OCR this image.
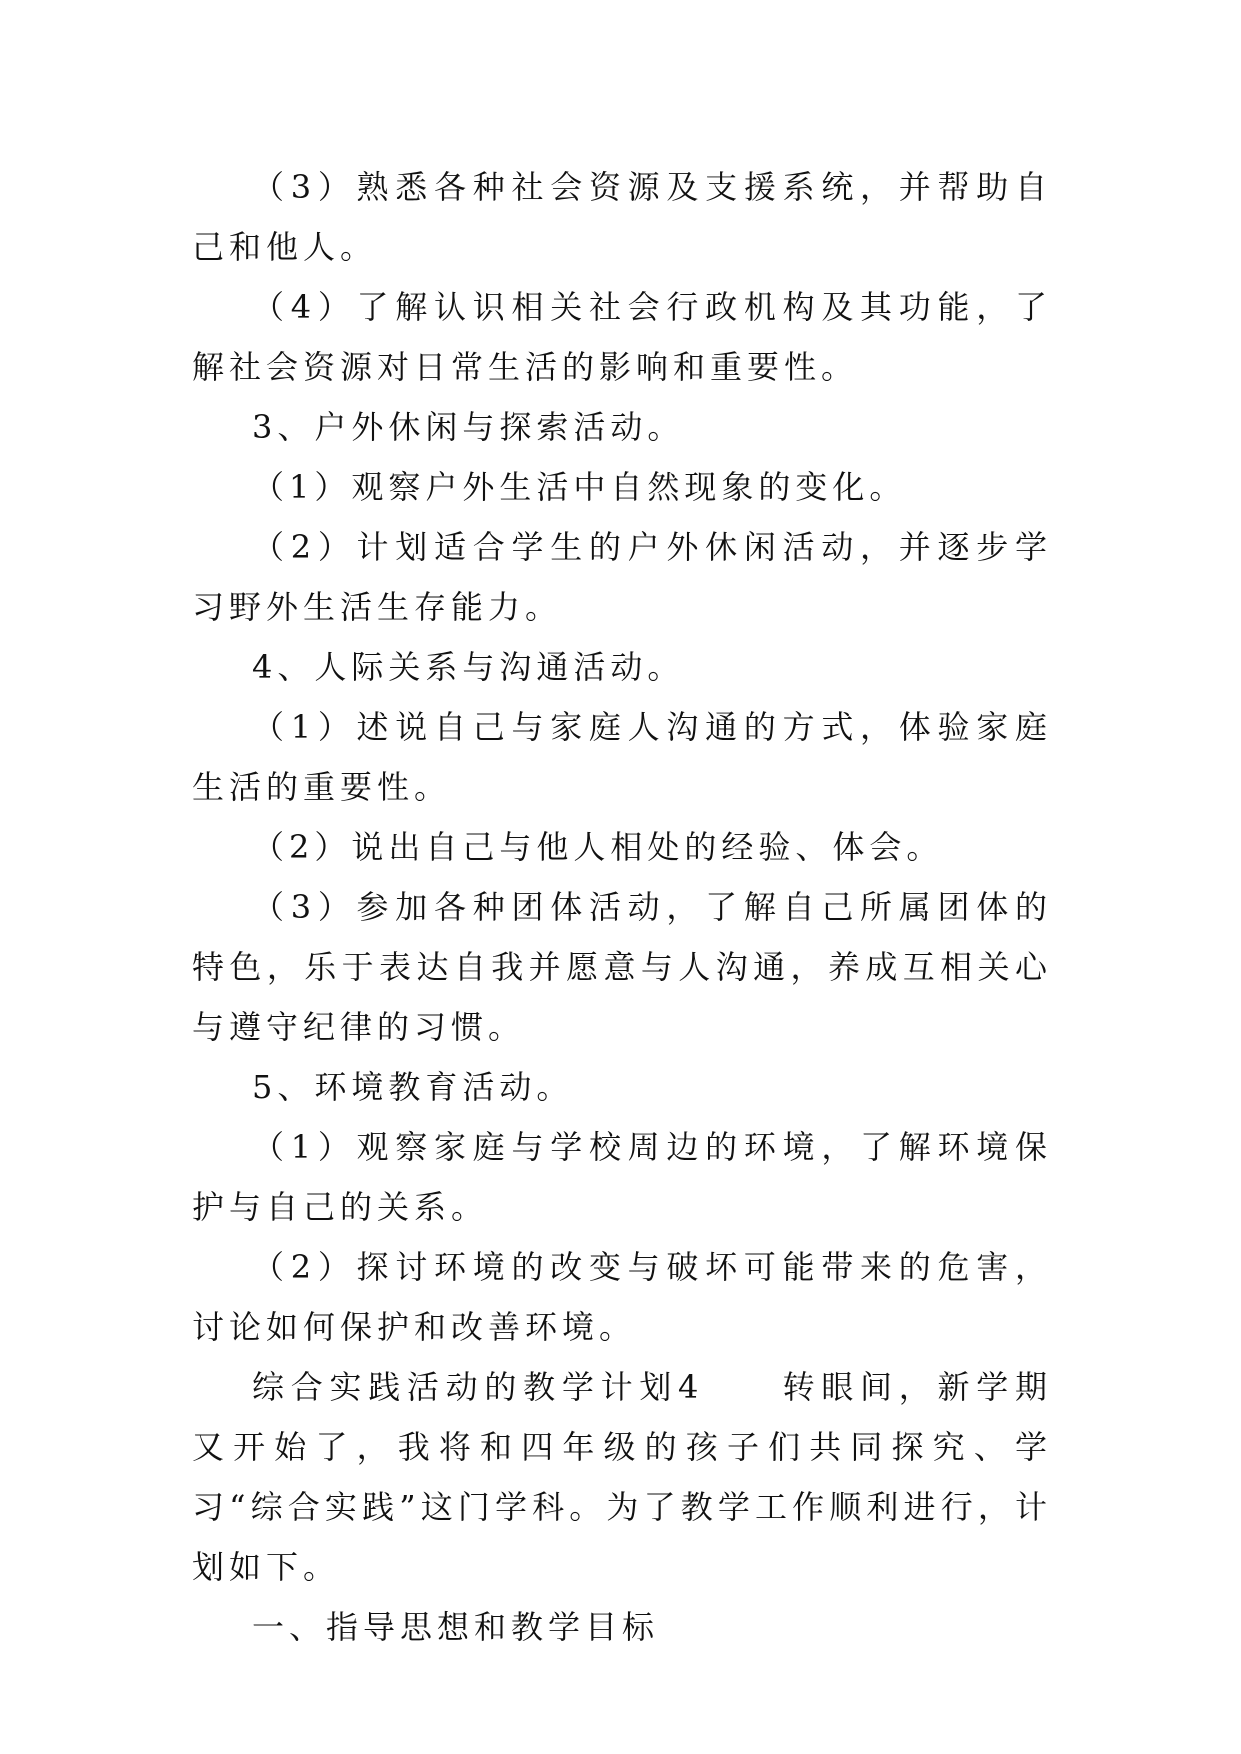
（3）熟悉各种社会资源及支援系统，并帮助自己和他人。

（4）了解认识相关社会行政机构及其功能，了解社会资源对日常生活的影响和重要性。

3、户外休闲与探索活动。

（1）观察户外生活中自然现象的变化。

（2）计划适合学生的户外休闲活动，并逐步学习野外生活生存能力。

4、人际关系与沟通活动。

（1）述说自己与家庭人沟通的方式，体验家庭生活的重要性。

（2）说出自己与他人相处的经验、体会。

（3）参加各种团体活动，了解自己所属团体的特色，乐于表达自我并愿意与人沟通，养成互相关心与遵守纪律的习惯。

5、环境教育活动。

（1）观察家庭与学校周边的环境，了解环境保护与自己的关系。

（2）探讨环境的改变与破坏可能带来的危害，讨论如何保护和改善环境。

综合实践活动的教学计划4　　转眼间，新学期又开始了，我将和四年级的孩子们共同探究、学习“综合实践”这门学科。为了教学工作顺利进行，计划如下。

一、指导思想和教学目标
